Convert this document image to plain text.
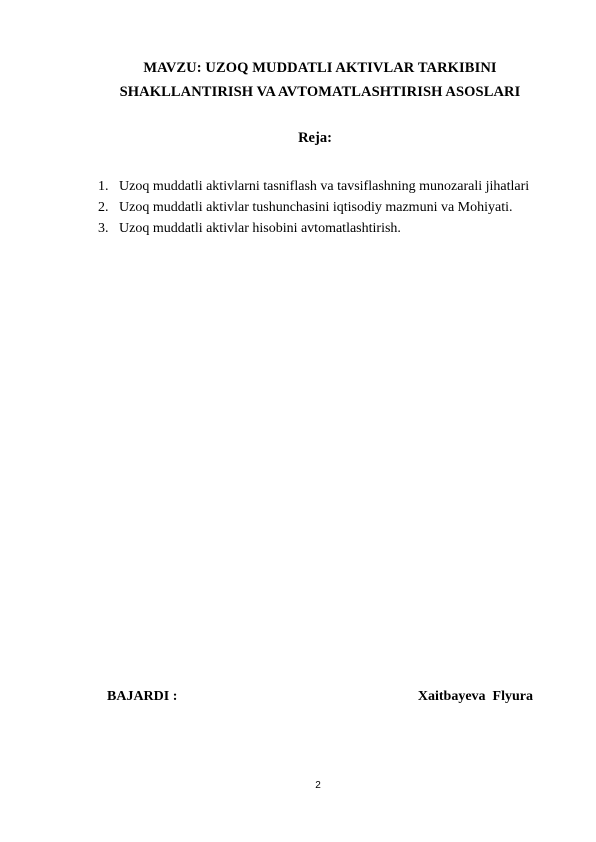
MAVZU: UZOQ MUDDATLI AKTIVLAR TARKIBINI
SHAKLLANTIRISH VA AVTOMATLASHTIRISH ASOSLARI
Reja:
1. Uzoq muddatli aktivlarni tasniflash va tavsiflashning munozarali jihatlari
2. Uzoq muddatli aktivlar tushunchasini iqtisodiy mazmuni va Mohiyati.
3. Uzoq muddatli aktivlar hisobini avtomatlashtirish.
BAJARDI :	Xaitbayeva  Flyura
2
